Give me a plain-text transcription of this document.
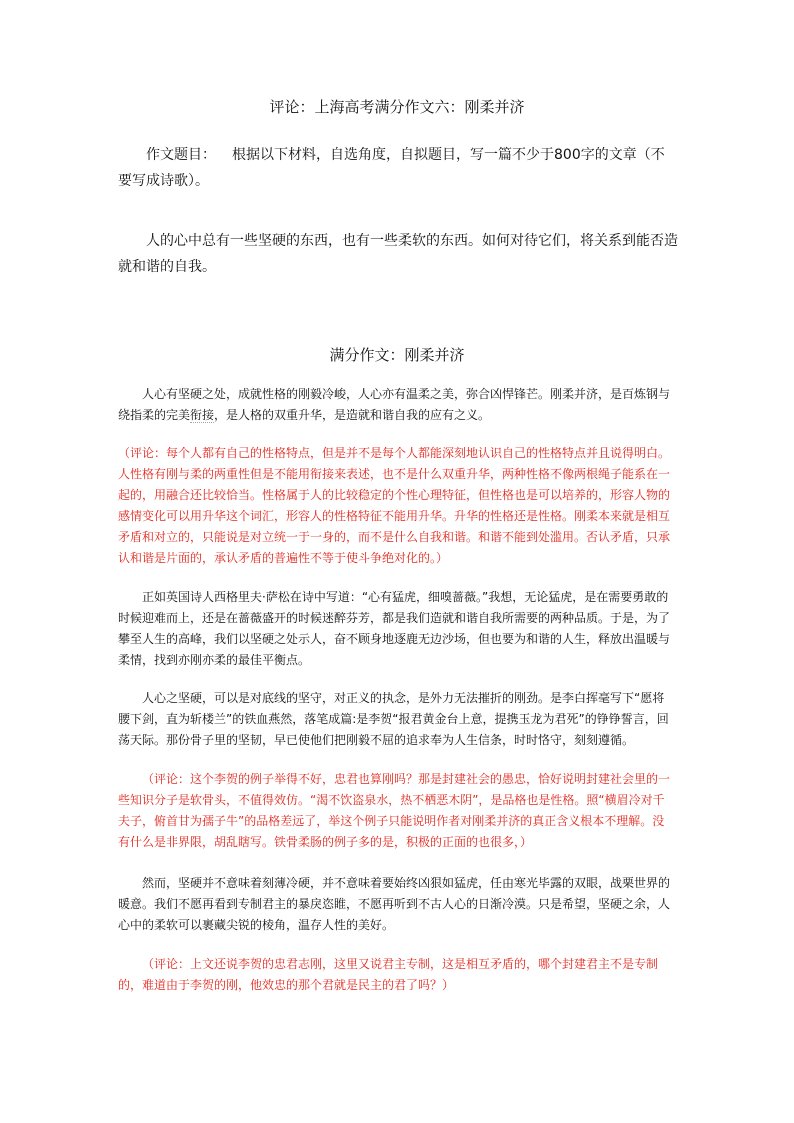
评论：上海高考满分作文六：刚柔并济

作文题目： 根据以下材料，自选角度，自拟题目，写一篇不少于800字的文章（不要写成诗歌）。

人的心中总有一些坚硬的东西，也有一些柔软的东西。如何对待它们，将关系到能否造就和谐的自我。

满分作文：刚柔并济

人心有坚硬之处，成就性格的刚毅冷峻，人心亦有温柔之美，弥合凶悍锋芒。刚柔并济，是百炼钢与绕指柔的完美衔接，是人格的双重升华，是造就和谐自我的应有之义。

（评论：每个人都有自己的性格特点，但是并不是每个人都能深刻地认识自己的性格特点并且说得明白。人性格有刚与柔的两重性但是不能用衔接来表述，也不是什么双重升华，两种性格不像两根绳子能系在一起的，用融合还比较恰当。性格属于人的比较稳定的个性心理特征，但性格也是可以培养的，形容人物的感情变化可以用升华这个词汇，形容人的性格特征不能用升华。升华的性格还是性格。刚柔本来就是相互矛盾和对立的，只能说是对立统一于一身的，而不是什么自我和谐。和谐不能到处滥用。否认矛盾，只承认和谐是片面的，承认矛盾的普遍性不等于使斗争绝对化的。）

正如英国诗人西格里夫·萨松在诗中写道：“心有猛虎，细嗅蔷薇。”我想，无论猛虎，是在需要勇敢的时候迎难而上，还是在蔷薇盛开的时候迷醉芬芳，都是我们造就和谐自我所需要的两种品质。于是，为了攀至人生的高峰，我们以坚硬之处示人，奋不顾身地逐鹿无边沙场，但也要为和谐的人生，释放出温暖与柔情，找到亦刚亦柔的最佳平衡点。

人心之坚硬，可以是对底线的坚守，对正义的执念，是外力无法摧折的刚劲。是李白挥毫写下“愿将腰下剑，直为斩楼兰”的铁血燕然，落笔成篇:是李贺“报君黄金台上意，提携玉龙为君死”的铮铮誓言，回荡天际。那份骨子里的坚韧，早已使他们把刚毅不屈的追求奉为人生信条，时时恪守，刻刻遵循。

（评论：这个李贺的例子举得不好，忠君也算刚吗？那是封建社会的愚忠，恰好说明封建社会里的一些知识分子是软骨头，不值得效仿。“渴不饮盗泉水，热不栖恶木阴”，是品格也是性格。照“横眉冷对千夫子，俯首甘为孺子牛”的品格差远了，举这个例子只能说明作者对刚柔并济的真正含义根本不理解。没有什么是非界限，胡乱瞎写。铁骨柔肠的例子多的是，积极的正面的也很多，）

然而，坚硬并不意味着刻薄冷硬，并不意味着要始终凶狠如猛虎，任由寒光毕露的双眼，战栗世界的暖意。我们不愿再看到专制君主的暴戾恣睢，不愿再听到不古人心的日渐冷漠。只是希望，坚硬之余，人心中的柔软可以裹藏尖锐的棱角，温存人性的美好。

（评论：上文还说李贺的忠君志刚，这里又说君主专制，这是相互矛盾的，哪个封建君主不是专制的，难道由于李贺的刚，他效忠的那个君就是民主的君了吗？）
